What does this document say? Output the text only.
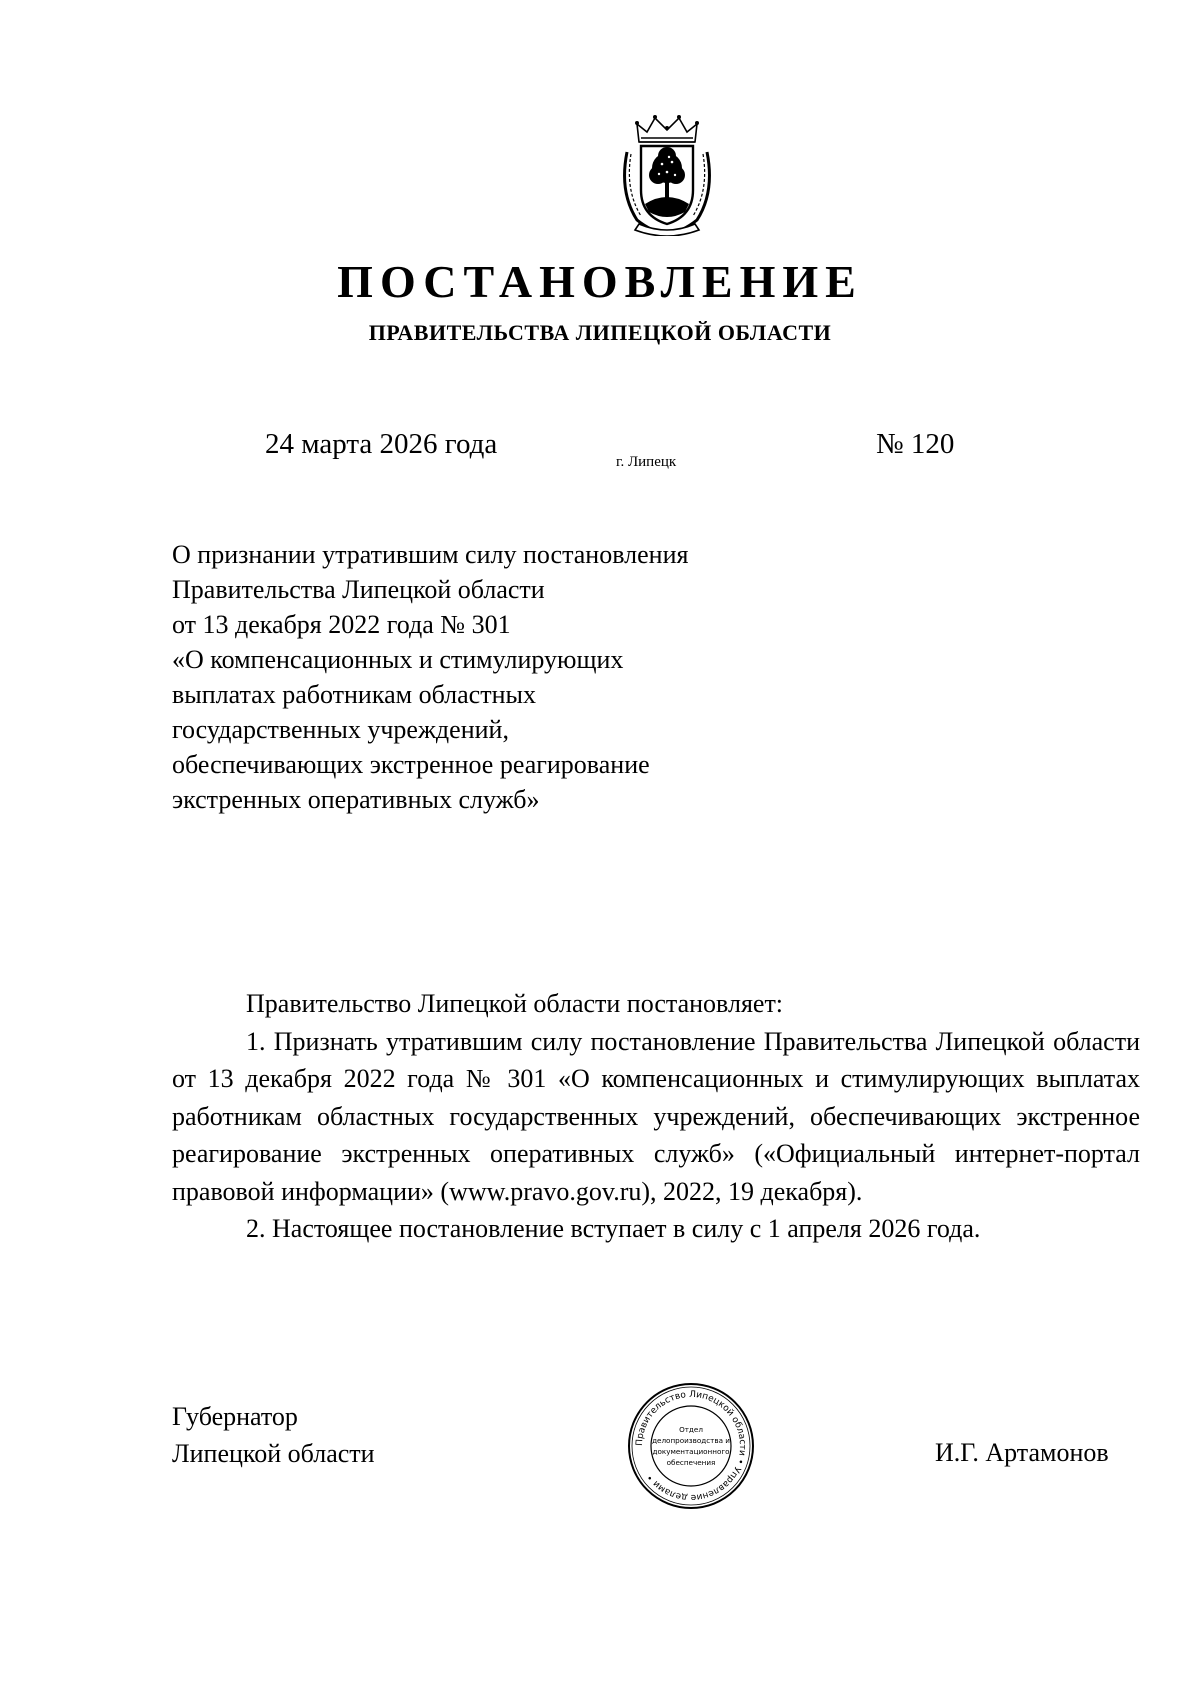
ПОСТАНОВЛЕНИЕ
ПРАВИТЕЛЬСТВА ЛИПЕЦКОЙ ОБЛАСТИ
24 марта 2026 года
г. Липецк
№ 120
О признании утратившим силу постановления
Правительства Липецкой области
от 13 декабря 2022 года № 301
«О компенсационных и стимулирующих
выплатах работникам областных
государственных учреждений,
обеспечивающих экстренное реагирование
экстренных оперативных служб»

Правительство Липецкой области постановляет:

1. Признать утратившим силу постановление Правительства Липецкой области от 13 декабря 2022 года № 301 «О компенсационных и стимулирующих выплатах работникам областных государственных учреждений, обеспечивающих экстренное реагирование экстренных оперативных служб» («Официальный интернет-портал правовой информации» (www.pravo.gov.ru), 2022, 19 декабря).

2. Настоящее постановление вступает в силу с 1 апреля 2026 года.

Губернатор
Липецкой области	И.Г. Артамонов
Правительство Липецкой области • Управление делами •
Отдел
делопроизводства и
документационного
обеспечения
